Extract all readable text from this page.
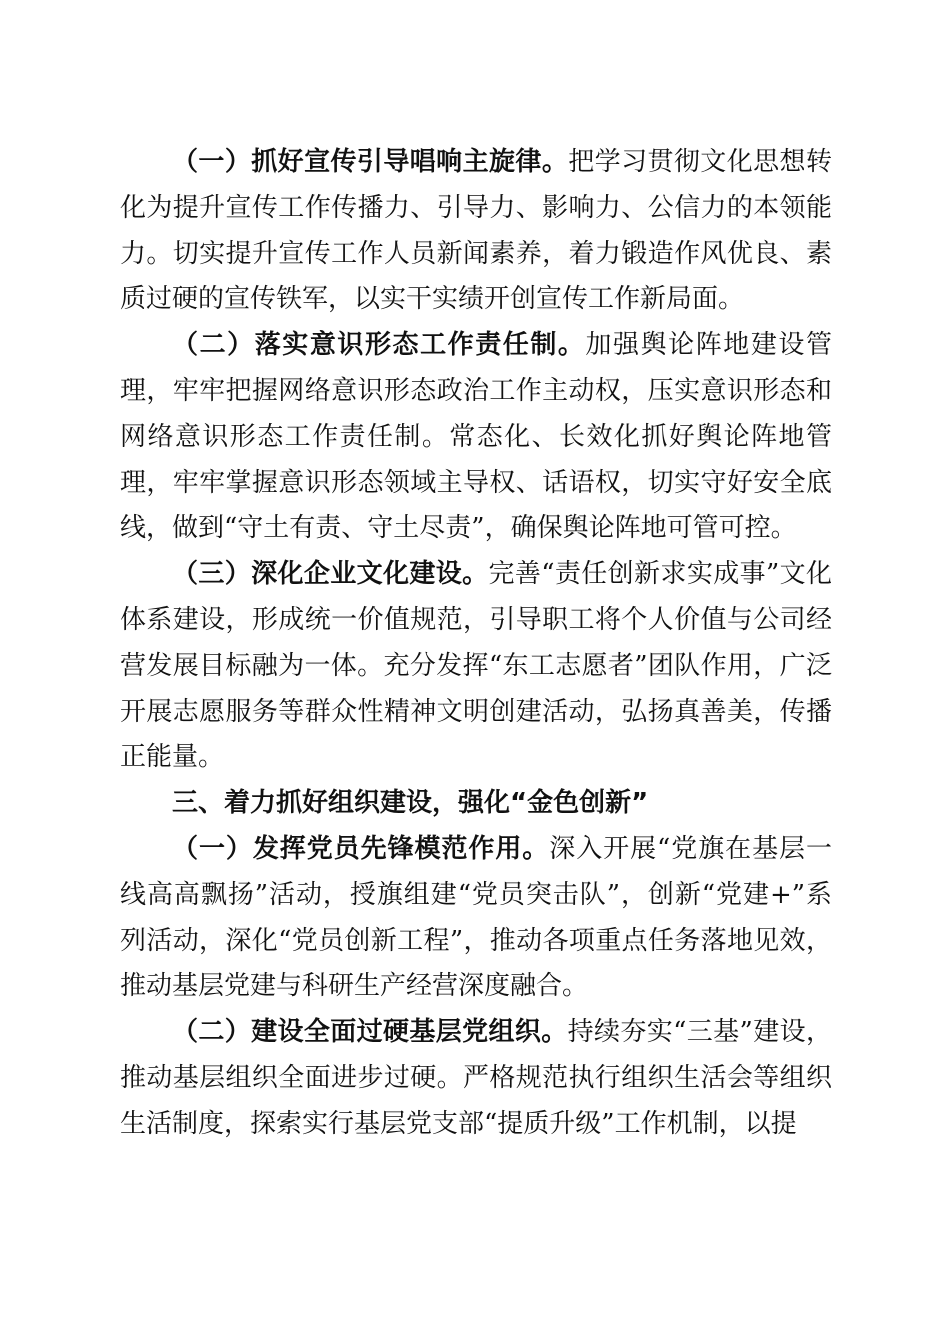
（一）抓好宣传引导唱响主旋律。把学习贯彻文化思想转化为提升宣传工作传播力、引导力、影响力、公信力的本领能力。切实提升宣传工作人员新闻素养，着力锻造作风优良、素质过硬的宣传铁军，以实干实绩开创宣传工作新局面。

（二）落实意识形态工作责任制。加强舆论阵地建设管理，牢牢把握网络意识形态政治工作主动权，压实意识形态和网络意识形态工作责任制。常态化、长效化抓好舆论阵地管理，牢牢掌握意识形态领域主导权、话语权，切实守好安全底线，做到“守土有责、守土尽责”，确保舆论阵地可管可控。

（三）深化企业文化建设。完善“责任创新求实成事”文化体系建设，形成统一价值规范，引导职工将个人价值与公司经营发展目标融为一体。充分发挥“东工志愿者”团队作用，广泛开展志愿服务等群众性精神文明创建活动，弘扬真善美，传播正能量。

三、着力抓好组织建设，强化“金色创新”

（一）发挥党员先锋模范作用。深入开展“党旗在基层一线高高飘扬”活动，授旗组建“党员突击队”，创新“党建+”系列活动，深化“党员创新工程”，推动各项重点任务落地见效，推动基层党建与科研生产经营深度融合。

（二）建设全面过硬基层党组织。持续夯实“三基”建设，推动基层组织全面进步过硬。严格规范执行组织生活会等组织生活制度，探索实行基层党支部“提质升级”工作机制，以提
